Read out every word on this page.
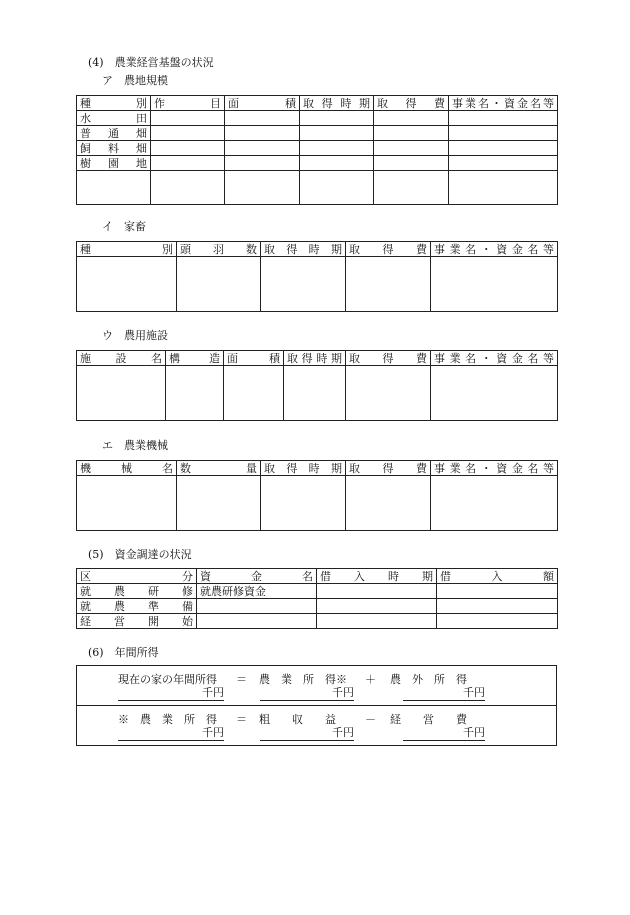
(4)　農業経営基盤の状況
ア　農地規模
種　別	作　目	面　積	取得時期	取　得　費	事業名・資金名等
水　田					
普通畑					
飼料畑					
樹園地					

イ　家畜
種　別	頭　羽　数	取得時期	取　得　費	事業名・資金名等

ウ　農用施設
施　設　名	構　造	面　積	取得時期	取　得　費	事業名・資金名等

エ　農業機械
機　械　名	数　量	取得時期	取　得　費	事業名・資金名等

(5)　資金調達の状況
区　分	資　金　名	借　入　時　期	借　入　額
就農研修	就農研修資金		
就農準備			
経営開始			
(6)　年間所得
現在の家の年間所得 ＝ 農　業　所　得※ ＋ 農　外　所　得
千円	千円	千円
※　農　業　所　得 ＝ 粗　　収　　益	－ 経　　営　　費
千円	千円	千円
